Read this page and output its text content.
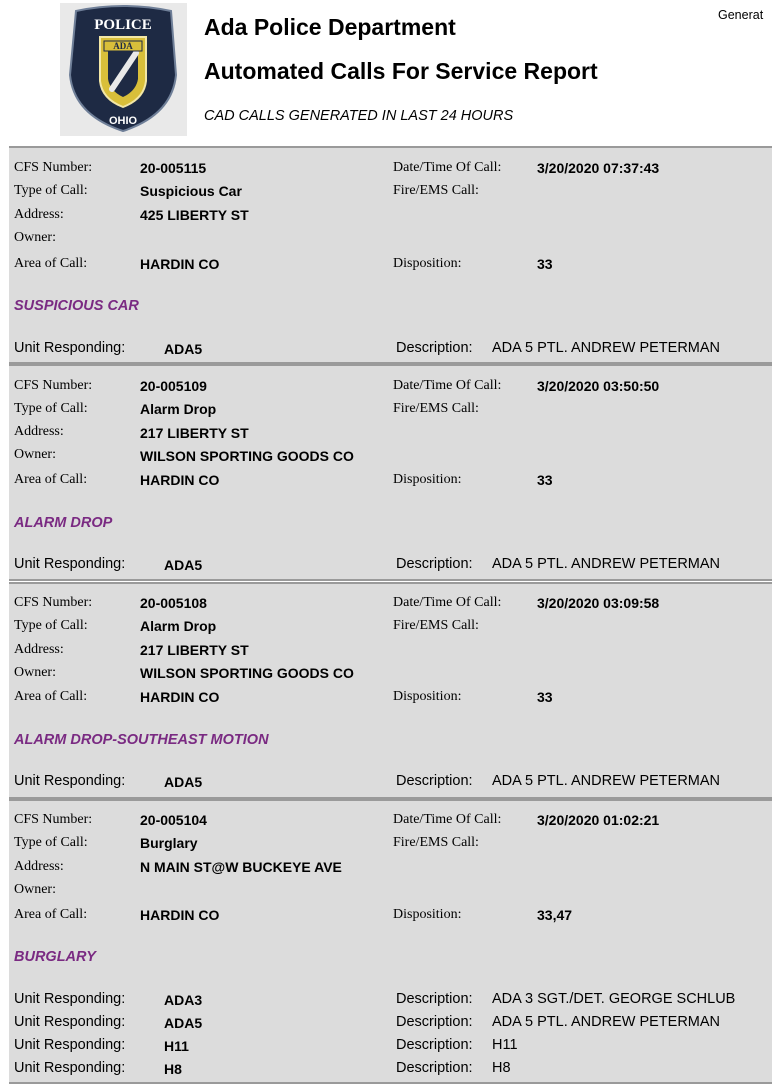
ADA
POLICE
OHIO
Ada Police Department
Automated Calls For Service Report
CAD CALLS GENERATED IN LAST 24 HOURS
Generat
CFS Number:	20-005115	Date/Time Of Call:	3/20/2020 07:37:43
Type of Call:	Suspicious Car	Fire/EMS Call:
Address:	425 LIBERTY ST
Owner:
Area of Call:	HARDIN CO	Disposition:	33
SUSPICIOUS CAR
Unit Responding:	ADA5	Description: ADA 5 PTL. ANDREW PETERMAN
CFS Number:	20-005109	Date/Time Of Call:	3/20/2020 03:50:50
Type of Call:	Alarm Drop	Fire/EMS Call:
Address:	217 LIBERTY ST
Owner:	WILSON SPORTING GOODS CO
Area of Call:	HARDIN CO	Disposition:	33
ALARM DROP
Unit Responding:	ADA5	Description: ADA 5 PTL. ANDREW PETERMAN
CFS Number:	20-005108	Date/Time Of Call:	3/20/2020 03:09:58
Type of Call:	Alarm Drop	Fire/EMS Call:
Address:	217 LIBERTY ST
Owner:	WILSON SPORTING GOODS CO
Area of Call:	HARDIN CO	Disposition:	33
ALARM DROP-SOUTHEAST MOTION
Unit Responding:	ADA5	Description: ADA 5 PTL. ANDREW PETERMAN
CFS Number:	20-005104	Date/Time Of Call:	3/20/2020 01:02:21
Type of Call:	Burglary	Fire/EMS Call:
Address:	N MAIN ST@W BUCKEYE AVE
Owner:
Area of Call:	HARDIN CO	Disposition:	33,47
BURGLARY
Unit Responding:	ADA3	Description: ADA 3 SGT./DET. GEORGE SCHLUB
Unit Responding:	ADA5	Description: ADA 5 PTL. ANDREW PETERMAN
Unit Responding:	H11	Description: H11
Unit Responding:	H8	Description: H8
